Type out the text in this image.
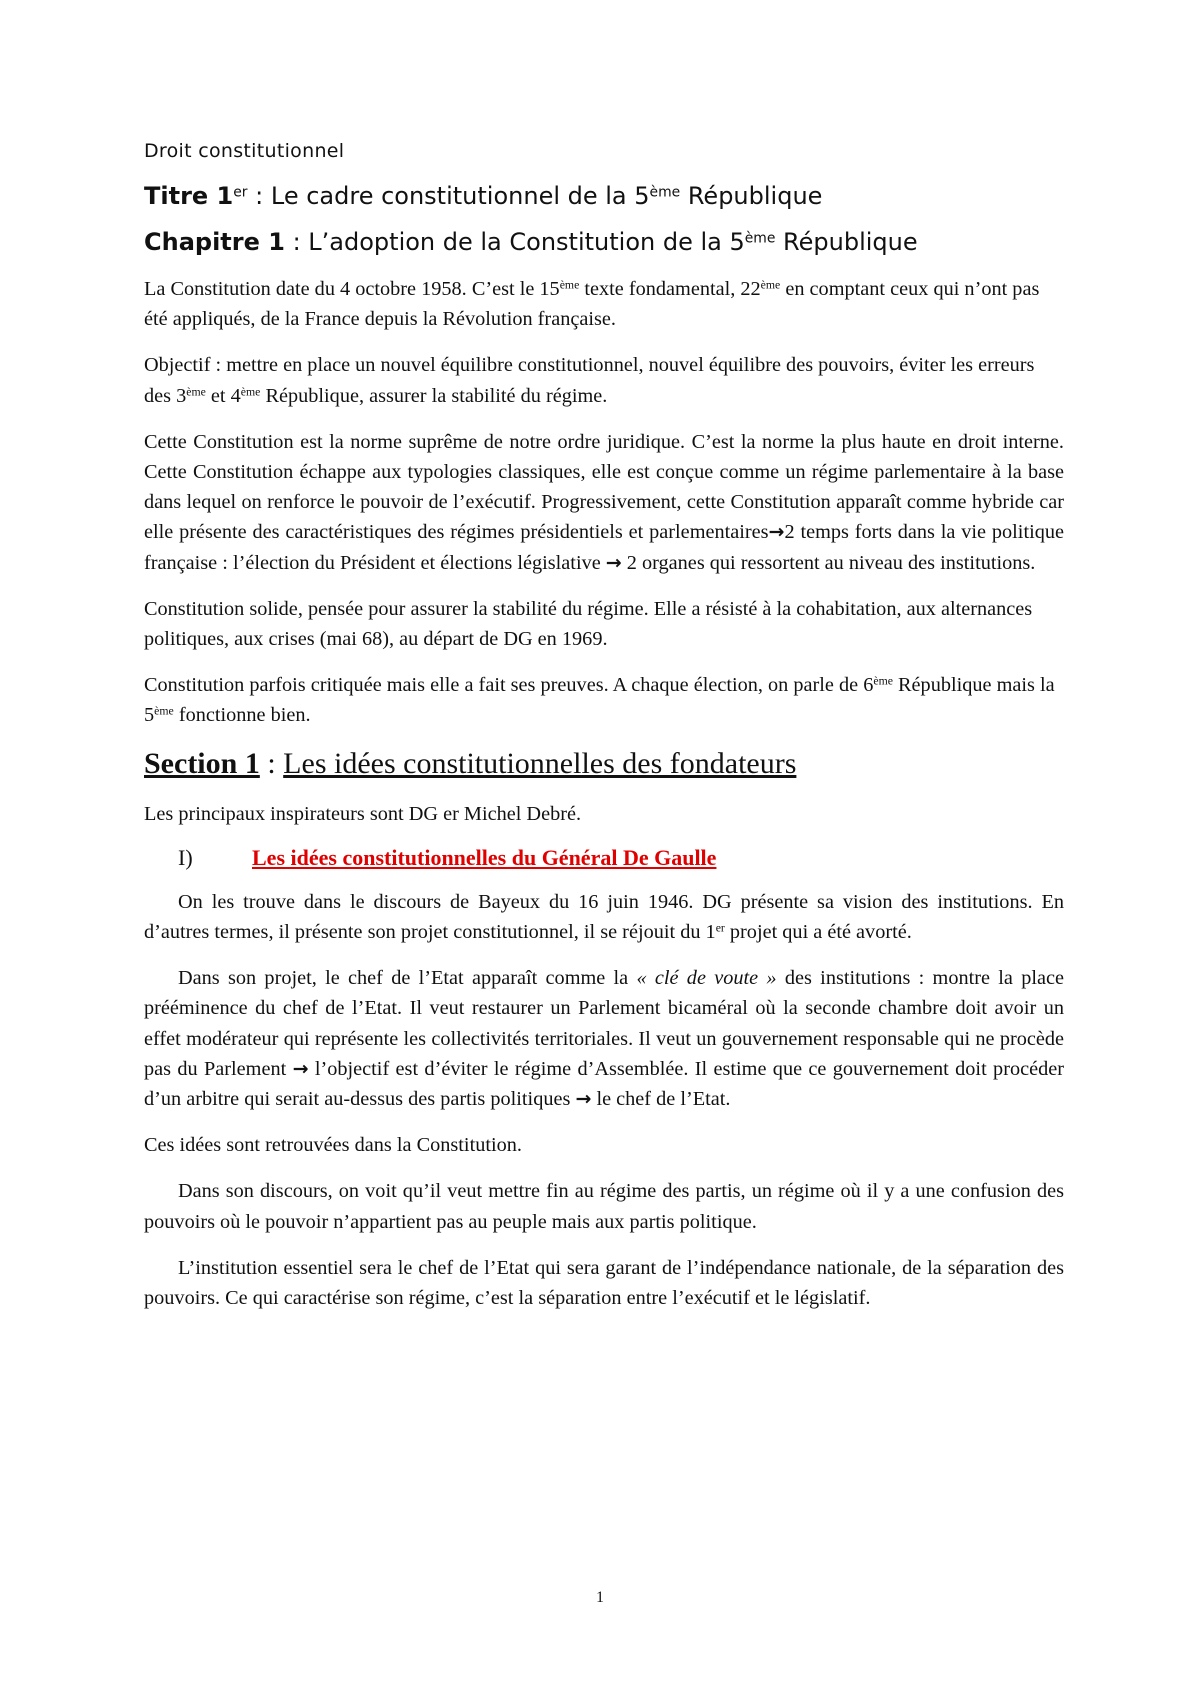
Droit constitutionnel
Titre 1er : Le cadre constitutionnel de la 5ème République
Chapitre 1 : L’adoption de la Constitution de la 5ème République

La Constitution date du 4 octobre 1958. C’est le 15ème texte fondamental, 22ème en comptant ceux qui n’ont pas été appliqués, de la France depuis la Révolution française.

Objectif : mettre en place un nouvel équilibre constitutionnel, nouvel équilibre des pouvoirs, éviter les erreurs des 3ème et 4ème République, assurer la stabilité du régime.

Cette Constitution est la norme suprême de notre ordre juridique. C’est la norme la plus haute en droit interne. Cette Constitution échappe aux typologies classiques, elle est conçue comme un régime parlementaire à la base dans lequel on renforce le pouvoir de l’exécutif. Progressivement, cette Constitution apparaît comme hybride car elle présente des caractéristiques des régimes présidentiels et parlementaires→2 temps forts dans la vie politique française : l’élection du Président et élections législative → 2 organes qui ressortent au niveau des institutions.

Constitution solide, pensée pour assurer la stabilité du régime. Elle a résisté à la cohabitation, aux alternances politiques, aux crises (mai 68), au départ de DG en 1969.

Constitution parfois critiquée mais elle a fait ses preuves. A chaque élection, on parle de 6ème République mais la 5ème fonctionne bien.

Section 1 : Les idées constitutionnelles des fondateurs

Les principaux inspirateurs sont DG er Michel Debré.

I)	Les idées constitutionnelles du Général De Gaulle

On les trouve dans le discours de Bayeux du 16 juin 1946. DG présente sa vision des institutions. En d’autres termes, il présente son projet constitutionnel, il se réjouit du 1er projet qui a été avorté.

Dans son projet, le chef de l’Etat apparaît comme la « clé de voute » des institutions : montre la place prééminence du chef de l’Etat. Il veut restaurer un Parlement bicaméral où la seconde chambre doit avoir un effet modérateur qui représente les collectivités territoriales. Il veut un gouvernement responsable qui ne procède pas du Parlement → l’objectif est d’éviter le régime d’Assemblée. Il estime que ce gouvernement doit procéder d’un arbitre qui serait au-dessus des partis politiques → le chef de l’Etat.

Ces idées sont retrouvées dans la Constitution.

Dans son discours, on voit qu’il veut mettre fin au régime des partis, un régime où il y a une confusion des pouvoirs où le pouvoir n’appartient pas au peuple mais aux partis politique.

L’institution essentiel sera le chef de l’Etat qui sera garant de l’indépendance nationale, de la séparation des pouvoirs. Ce qui caractérise son régime, c’est la séparation entre l’exécutif et le législatif.

1
